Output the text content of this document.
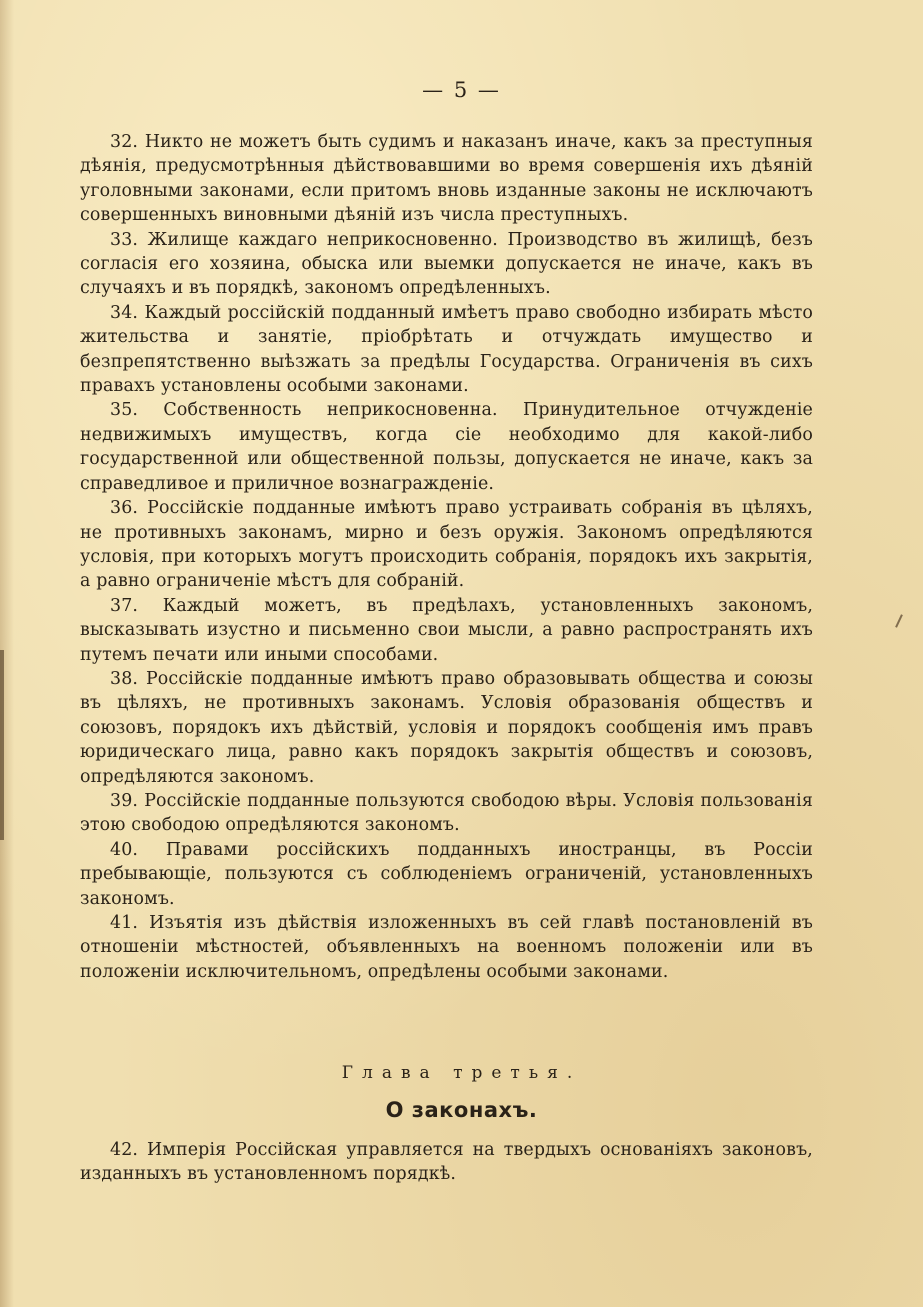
— 5 —

32. Никто не можетъ быть судимъ и наказанъ иначе, какъ за преступныя дѣянія, предусмотрѣнныя дѣйствовавшими во время совершенія ихъ дѣяній уголовными законами, если притомъ вновь изданные законы не исключаютъ совершенныхъ виновными дѣяній изъ числа преступныхъ.

33. Жилище каждаго неприкосновенно. Производство въ жилищѣ, безъ согласія его хозяина, обыска или выемки допускается не иначе, какъ въ случаяхъ и въ порядкѣ, закономъ опредѣленныхъ.

34. Каждый россійскій подданный имѣетъ право свободно избирать мѣсто жительства и занятіе, пріобрѣтать и отчуждать имущество и безпрепятственно выѣзжать за предѣлы Государства. Ограниченія въ сихъ правахъ установлены особыми законами.

35. Собственность неприкосновенна. Принудительное отчужденіе недвижимыхъ имуществъ, когда сіе необходимо для какой-либо государственной или общественной пользы, допускается не иначе, какъ за справедливое и приличное вознагражденіе.

36. Россійскіе подданные имѣютъ право устраивать собранія въ цѣляхъ, не противныхъ законамъ, мирно и безъ оружія. Закономъ опредѣляются условія, при которыхъ могутъ происходить собранія, порядокъ ихъ закрытія, а равно ограниченіе мѣстъ для собраній.

37. Каждый можетъ, въ предѣлахъ, установленныхъ закономъ, высказывать изустно и письменно свои мысли, а равно распространять ихъ путемъ печати или иными способами.

38. Россійскіе подданные имѣютъ право образовывать общества и союзы въ цѣляхъ, не противныхъ законамъ. Условія образованія обществъ и союзовъ, порядокъ ихъ дѣйствій, условія и порядокъ сообщенія имъ правъ юридическаго лица, равно какъ порядокъ закрытія обществъ и союзовъ, опредѣляются закономъ.

39. Россійскіе подданные пользуются свободою вѣры. Условія пользованія этою свободою опредѣляются закономъ.

40. Правами россійскихъ подданныхъ иностранцы, въ Россіи пребывающіе, пользуются съ соблюденіемъ ограниченій, установленныхъ закономъ.

41. Изъятія изъ дѣйствія изложенныхъ въ сей главѣ постановленій въ отношеніи мѣстностей, объявленныхъ на военномъ положеніи или въ положеніи исключительномъ, опредѣлены особыми законами.

Глава третья.
О законахъ.

42. Имперія Россійская управляется на твердыхъ основаніяхъ законовъ, изданныхъ въ установленномъ порядкѣ.
